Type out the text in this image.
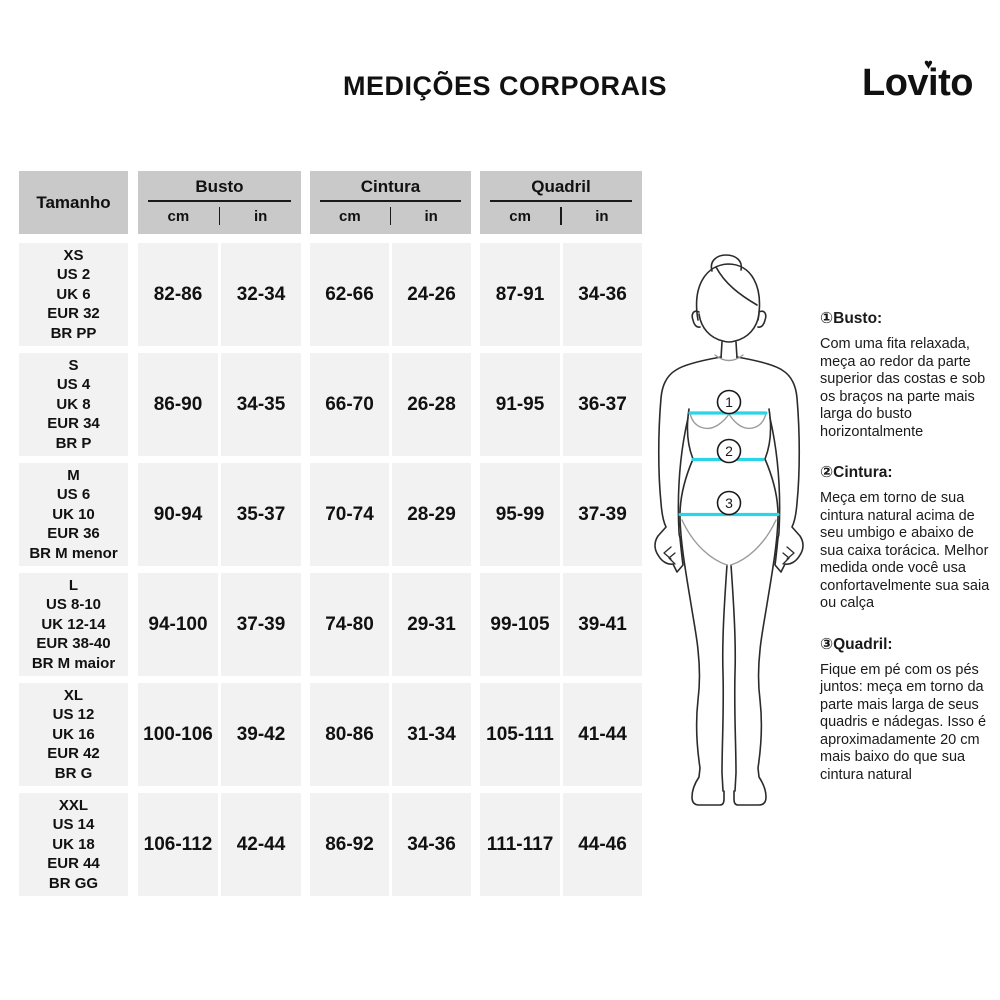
MEDIÇÕES CORPORAIS	Lovito
♥
Tamanho
Busto
cm	in
Cintura
cm	in
Quadril
cm	in
XS
US 2
UK 6
EUR 32
BR PP
82-86	32-34	62-66	24-26	87-91	34-36
S
US 4
UK 8
EUR 34
BR P
86-90	34-35	66-70	26-28	91-95	36-37
M
US 6
UK 10
EUR 36
BR M menor
90-94	35-37	70-74	28-29	95-99	37-39
L
US 8-10
UK 12-14
EUR 38-40
BR M maior
94-100	37-39	74-80	29-31	99-105	39-41
XL
US 12
UK 16
EUR 42
BR G
100-106	39-42	80-86	31-34	105-111	41-44
XXL
US 14
UK 18
EUR 44
BR GG
106-112	42-44	86-92	34-36	111-117	44-46
1
2
3
①Busto:

Com uma fita relaxada, meça ao redor da parte superior das costas e sob os braços na parte mais larga do busto horizontalmente

②Cintura:

Meça em torno de sua cintura natural acima de seu umbigo e abaixo de sua caixa torácica. Melhor medida onde você usa confortavelmente sua saia ou calça

③Quadril:

Fique em pé com os pés juntos: meça em torno da parte mais larga de seus quadris e nádegas. Isso é aproximadamente 20 cm mais baixo do que sua cintura natural
